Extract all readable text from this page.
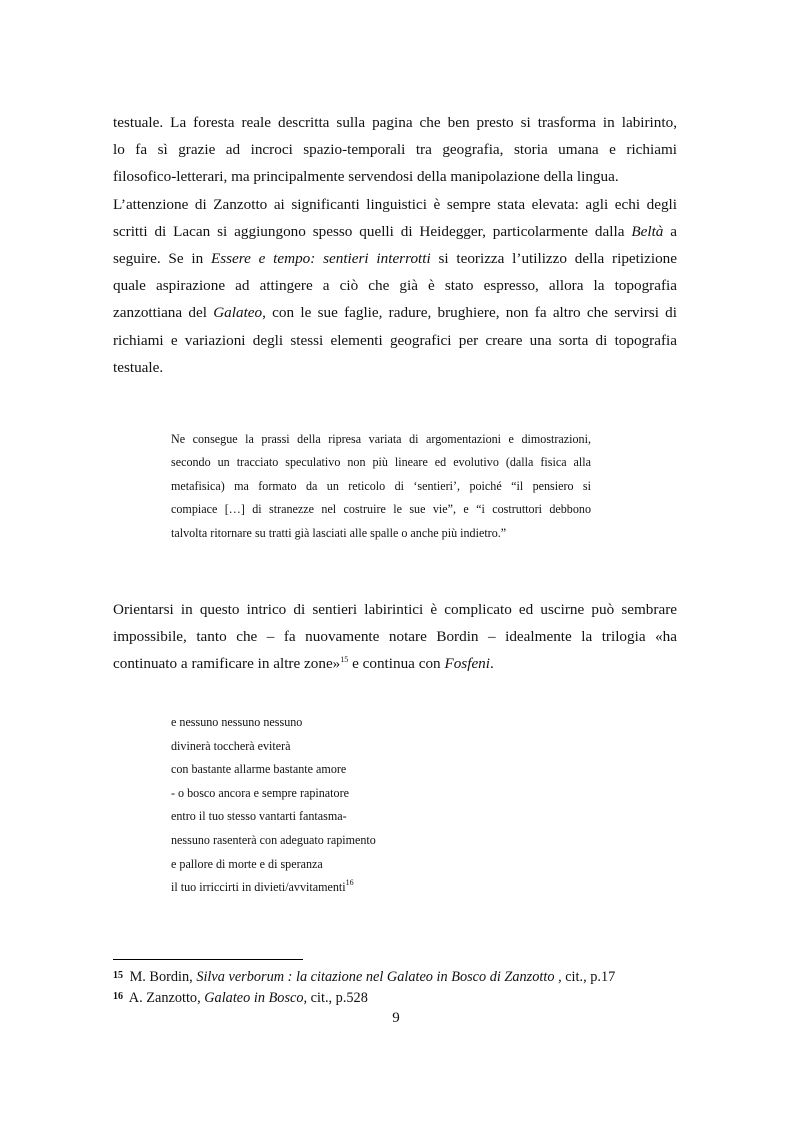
testuale. La foresta reale descritta sulla pagina che ben presto si trasforma in labirinto,
lo fa sì grazie ad incroci spazio-temporali tra geografia, storia umana e richiami
filosofico-letterari, ma principalmente servendosi della manipolazione della lingua.
L’attenzione di Zanzotto ai significanti linguistici è sempre stata elevata: agli echi degli
scritti di Lacan si aggiungono spesso quelli di Heidegger, particolarmente dalla Beltà a
seguire. Se in Essere e tempo: sentieri interrotti si teorizza l’utilizzo della ripetizione
quale aspirazione ad attingere a ciò che già è stato espresso, allora la topografia
zanzottiana del Galateo, con le sue faglie, radure, brughiere, non fa altro che servirsi di
richiami e variazioni degli stessi elementi geografici per creare una sorta di topografia
testuale.
Ne consegue la prassi della ripresa variata di argomentazioni e dimostrazioni,
secondo un tracciato speculativo non più lineare ed evolutivo (dalla fisica alla
metafisica) ma formato da un reticolo di ‘sentieri’, poiché “il pensiero si
compiace […] di stranezze nel costruire le sue vie”, e “i costruttori debbono
talvolta ritornare su tratti già lasciati alle spalle o anche più indietro.”
Orientarsi in questo intrico di sentieri labirintici è complicato ed uscirne può sembrare
impossibile, tanto che – fa nuovamente notare Bordin – idealmente la trilogia «ha
continuato a ramificare in altre zone»$^{15}$ e continua con Fosfeni.
e nessuno nessuno nessuno
divinerà toccherà eviterà
con bastante allarme bastante amore
- o bosco ancora e sempre rapinatore
entro il tuo stesso vantarti fantasma-
nessuno rasenterà con adeguato rapimento
e pallore di morte e di speranza
il tuo irriccirti in divieti/avvitamenti$^{16}$
$^{15}$ M. Bordin, Silva verborum : la citazione nel Galateo in Bosco di Zanzotto , cit., p.17
$^{16}$ A. Zanzotto, Galateo in Bosco, cit., p.528
9
